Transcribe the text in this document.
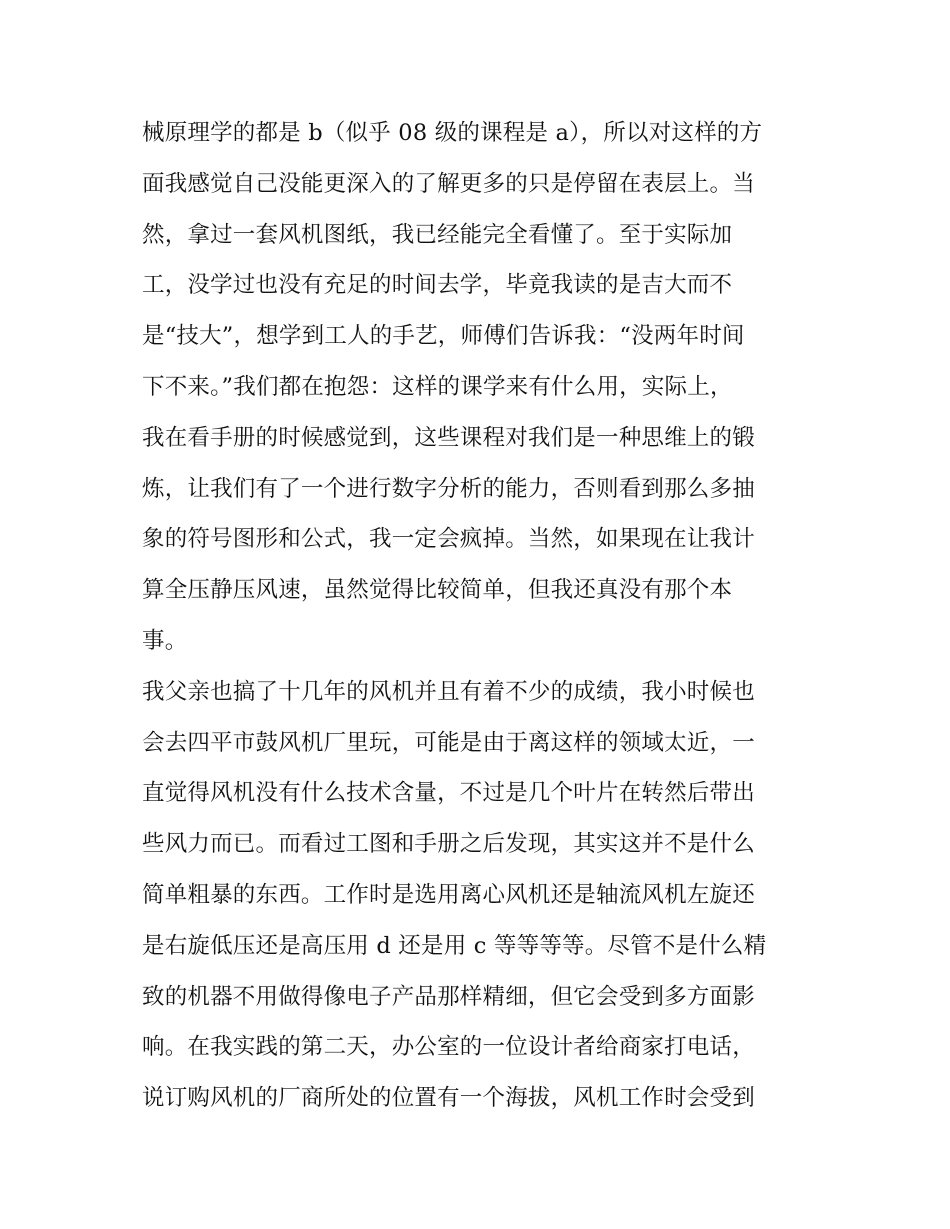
械原理学的都是 b（似乎 08 级的课程是 a），所以对这样的方
面我感觉自己没能更深入的了解更多的只是停留在表层上。当
然，拿过一套风机图纸，我已经能完全看懂了。至于实际加
工，没学过也没有充足的时间去学，毕竟我读的是吉大而不
是“技大”，想学到工人的手艺，师傅们告诉我：“没两年时间
下不来。”我们都在抱怨：这样的课学来有什么用，实际上，
我在看手册的时候感觉到，这些课程对我们是一种思维上的锻
炼，让我们有了一个进行数字分析的能力，否则看到那么多抽
象的符号图形和公式，我一定会疯掉。当然，如果现在让我计
算全压静压风速，虽然觉得比较简单，但我还真没有那个本
事。
我父亲也搞了十几年的风机并且有着不少的成绩，我小时候也
会去四平市鼓风机厂里玩，可能是由于离这样的领域太近，一
直觉得风机没有什么技术含量，不过是几个叶片在转然后带出
些风力而已。而看过工图和手册之后发现，其实这并不是什么
简单粗暴的东西。工作时是选用离心风机还是轴流风机左旋还
是右旋低压还是高压用 d 还是用 c 等等等等。尽管不是什么精
致的机器不用做得像电子产品那样精细，但它会受到多方面影
响。在我实践的第二天，办公室的一位设计者给商家打电话，
说订购风机的厂商所处的位置有一个海拔，风机工作时会受到
